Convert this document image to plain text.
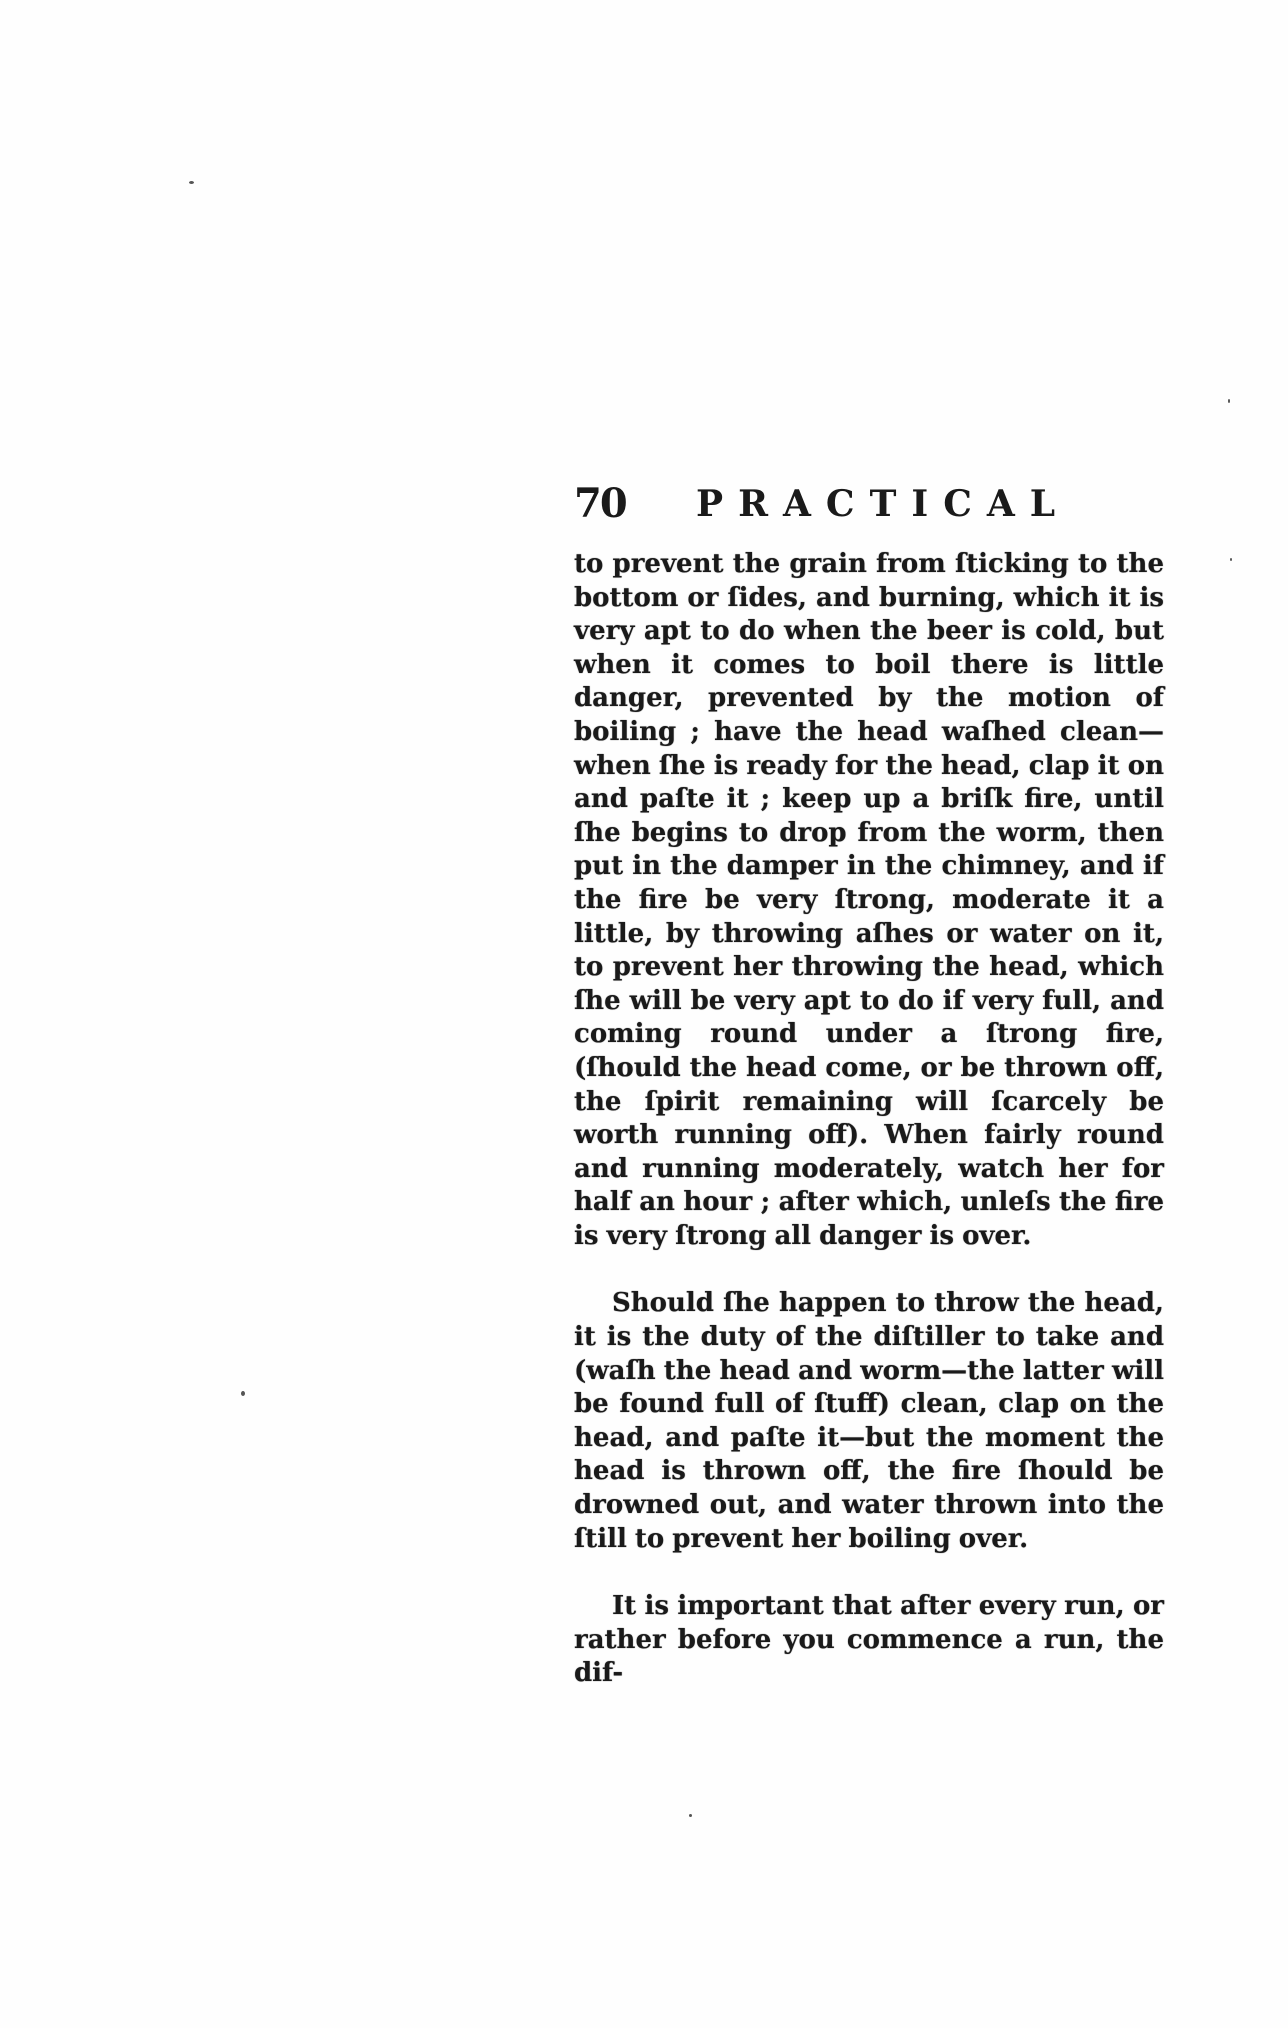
70 PRACTICAL

to prevent the grain from ſticking to the bottom or ſides, and burning, which it is very apt to do when the beer is cold, but when it comes to boil there is little danger, prevented by the motion of boiling ; have the head waſhed clean—when ſhe is ready for the head, clap it on and paſte it ; keep up a briſk fire, until ſhe begins to drop from the worm, then put in the damper in the chimney, and if the fire be very ſtrong, moderate it a little, by throwing aſhes or water on it, to prevent her throwing the head, which ſhe will be very apt to do if very full, and coming round under a ſtrong fire, (ſhould the head come, or be thrown off, the ſpirit remaining will ſcarcely be worth running off). When fairly round and running moderately, watch her for half an hour ; after which, unleſs the fire is very ſtrong all danger is over.

Should ſhe happen to throw the head, it is the duty of the diſtiller to take and (waſh the head and worm—the latter will be found full of ſtuff) clean, clap on the head, and paſte it—but the moment the head is thrown off, the fire ſhould be drowned out, and water thrown into the ſtill to prevent her boiling over.

It is important that after every run, or rather before you commence a run, the dif-
